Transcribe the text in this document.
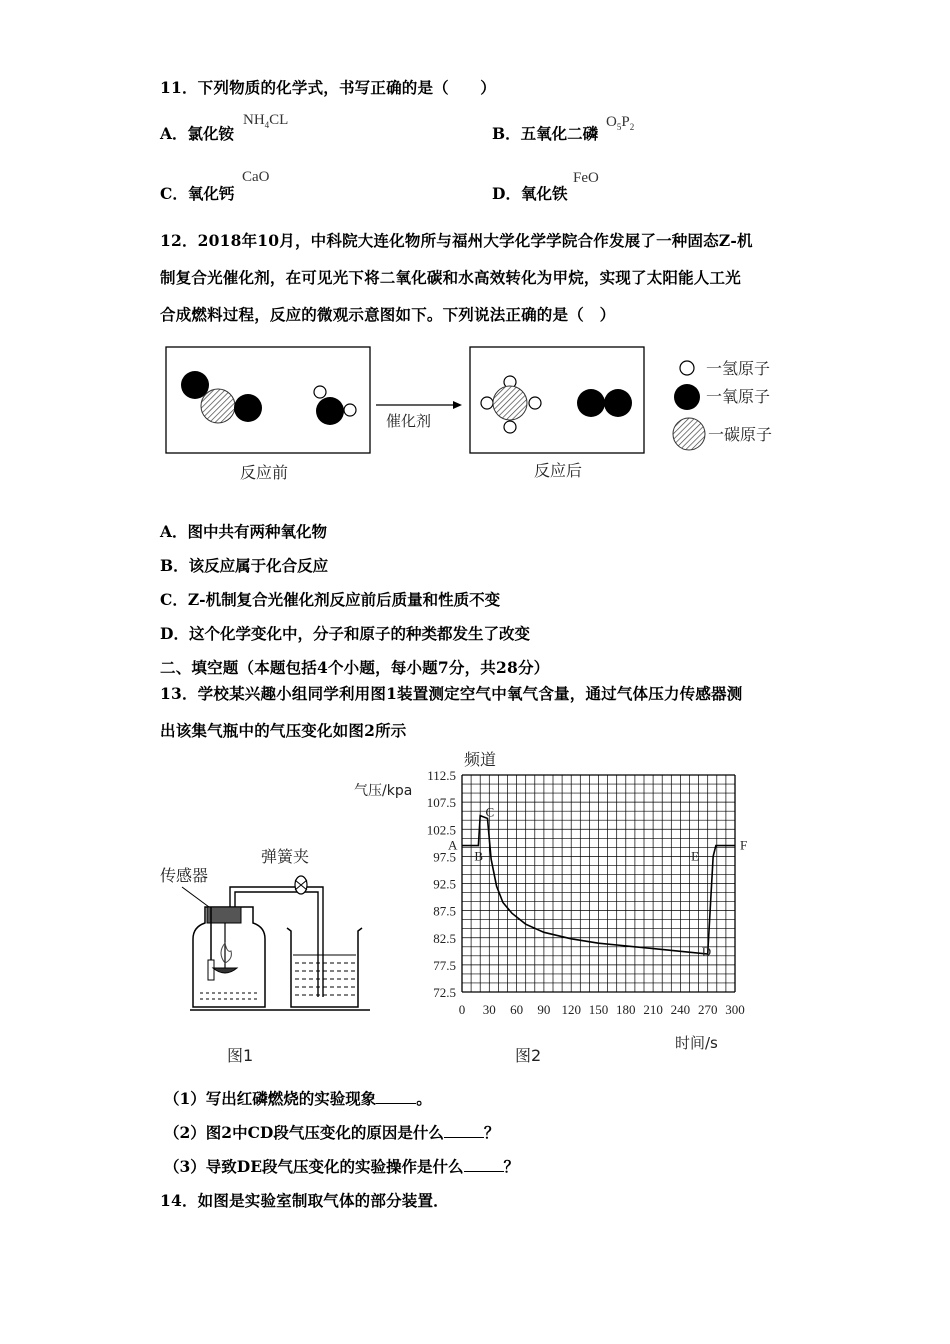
11．下列物质的化学式，书写正确的是（　　）
A．氯化铵
$NH_4CL$
B．五氧化二磷
$O_5P_2$
C．氧化钙
CaO
D．氧化铁
FeO
12．2018年10月，中科院大连化物所与福州大学化学学院合作发展了一种固态Z-机
制复合光催化剂，在可见光下将二氧化碳和水高效转化为甲烷，实现了太阳能人工光
合成燃料过程，反应的微观示意图如下。下列说法正确的是（　）
催化剂
反应前	反应后
一氢原子
一氧原子
一碳原子
A．图中共有两种氧化物
B．该反应属于化合反应
C．Z-机制复合光催化剂反应前后质量和性质不变
D．这个化学变化中，分子和原子的种类都发生了改变
二、填空题（本题包括4个小题，每小题7分，共28分）
13．学校某兴趣小组同学利用图1装置测定空气中氧气含量，通过气体压力传感器测
出该集气瓶中的气压变化如图2所示
传感器
弹簧夹
图1
112.5
107.5
102.5
97.5
92.5
87.5
82.5
77.5
72.5
0 30 60 90 120 150 180 210 240 270 300
频道
气压/kpa
时间/s
A
B
C
D
E
F
图2
（1）写出红磷燃烧的实验现象	。
（2）图2中CD段气压变化的原因是什么	？
（3）导致DE段气压变化的实验操作是什么	？
14．如图是实验室制取气体的部分装置．
